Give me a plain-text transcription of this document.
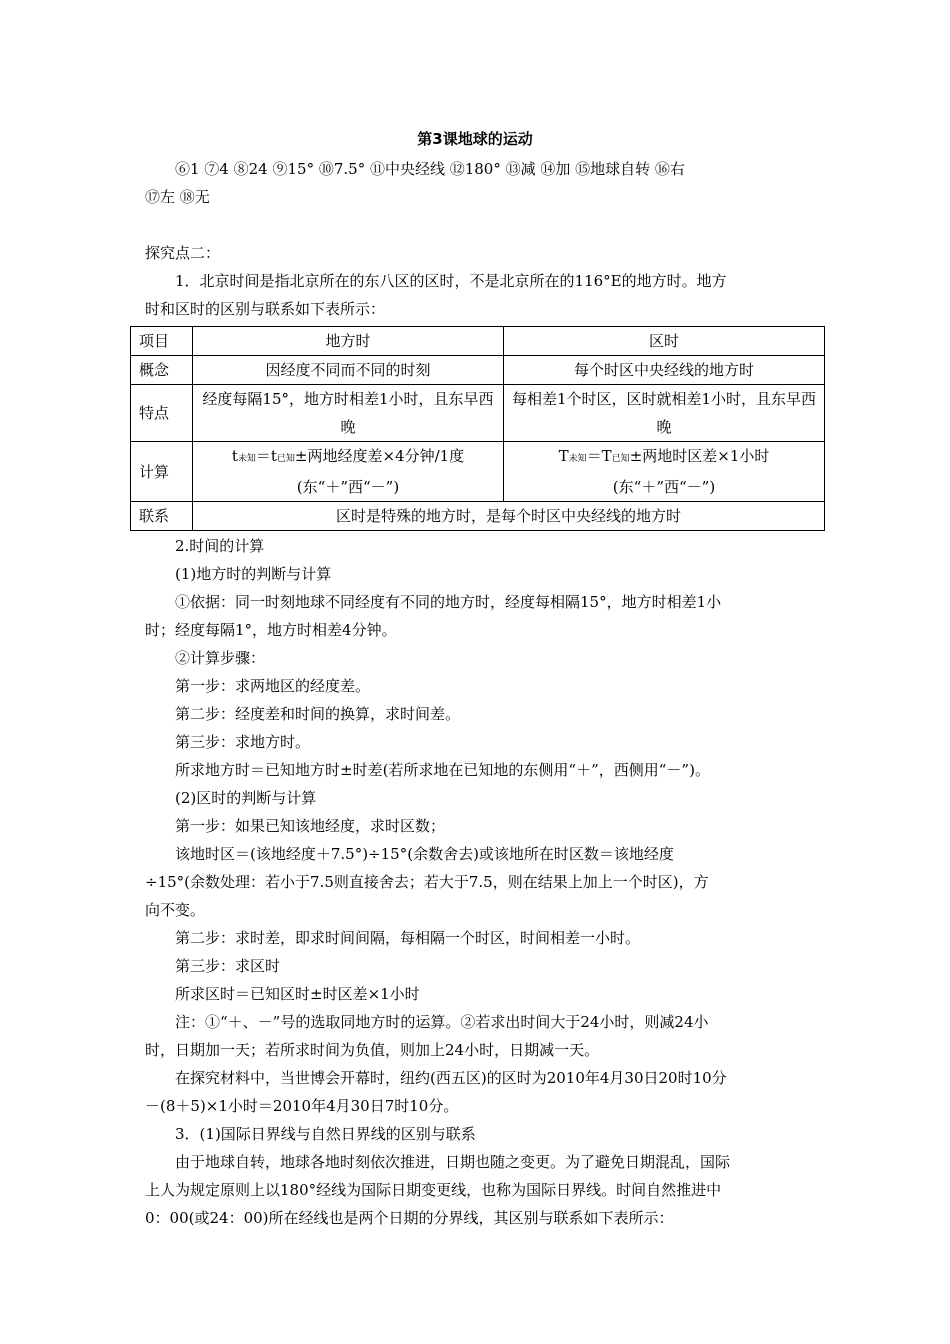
第3课地球的运动
⑥1 ⑦4 ⑧24 ⑨15° ⑩7.5° ⑪中央经线 ⑫180° ⑬减 ⑭加 ⑮地球自转 ⑯右
⑰左 ⑱无
探究点二：
1．北京时间是指北京所在的东八区的区时，不是北京所在的116°E的地方时。地方
时和区时的区别与联系如下表所示：
项目	地方时	区时
概念	因经度不同而不同的时刻	每个时区中央经线的地方时
特点	经度每隔15°，地方时相差1小时，且东早西晚	每相差1个时区，区时就相差1小时，且东早西晚
计算	t未知＝t已知±两地经度差×4分钟/1度(东“＋”西“－”)	T未知＝T已知±两地时区差×1小时(东“＋”西“－”)
联系	区时是特殊的地方时，是每个时区中央经线的地方时	
2.时间的计算
(1)地方时的判断与计算
①依据：同一时刻地球不同经度有不同的地方时，经度每相隔15°，地方时相差1小
时；经度每隔1°，地方时相差4分钟。
②计算步骤：
第一步：求两地区的经度差。
第二步：经度差和时间的换算，求时间差。
第三步：求地方时。
所求地方时＝已知地方时±时差(若所求地在已知地的东侧用“＋”，西侧用“－”)。
(2)区时的判断与计算
第一步：如果已知该地经度，求时区数；
该地时区＝(该地经度＋7.5°)÷15°(余数舍去)或该地所在时区数＝该地经度
÷15°(余数处理：若小于7.5则直接舍去；若大于7.5，则在结果上加上一个时区)，方
向不变。
第二步：求时差，即求时间间隔，每相隔一个时区，时间相差一小时。
第三步：求区时
所求区时＝已知区时±时区差×1小时
注：①“＋、－”号的选取同地方时的运算。②若求出时间大于24小时，则减24小
时，日期加一天；若所求时间为负值，则加上24小时，日期减一天。
在探究材料中，当世博会开幕时，纽约(西五区)的区时为2010年4月30日20时10分
－(8＋5)×1小时＝2010年4月30日7时10分。
3．(1)国际日界线与自然日界线的区别与联系
由于地球自转，地球各地时刻依次推进，日期也随之变更。为了避免日期混乱，国际
上人为规定原则上以180°经线为国际日期变更线，也称为国际日界线。时间自然推进中
0：00(或24：00)所在经线也是两个日期的分界线，其区别与联系如下表所示：
